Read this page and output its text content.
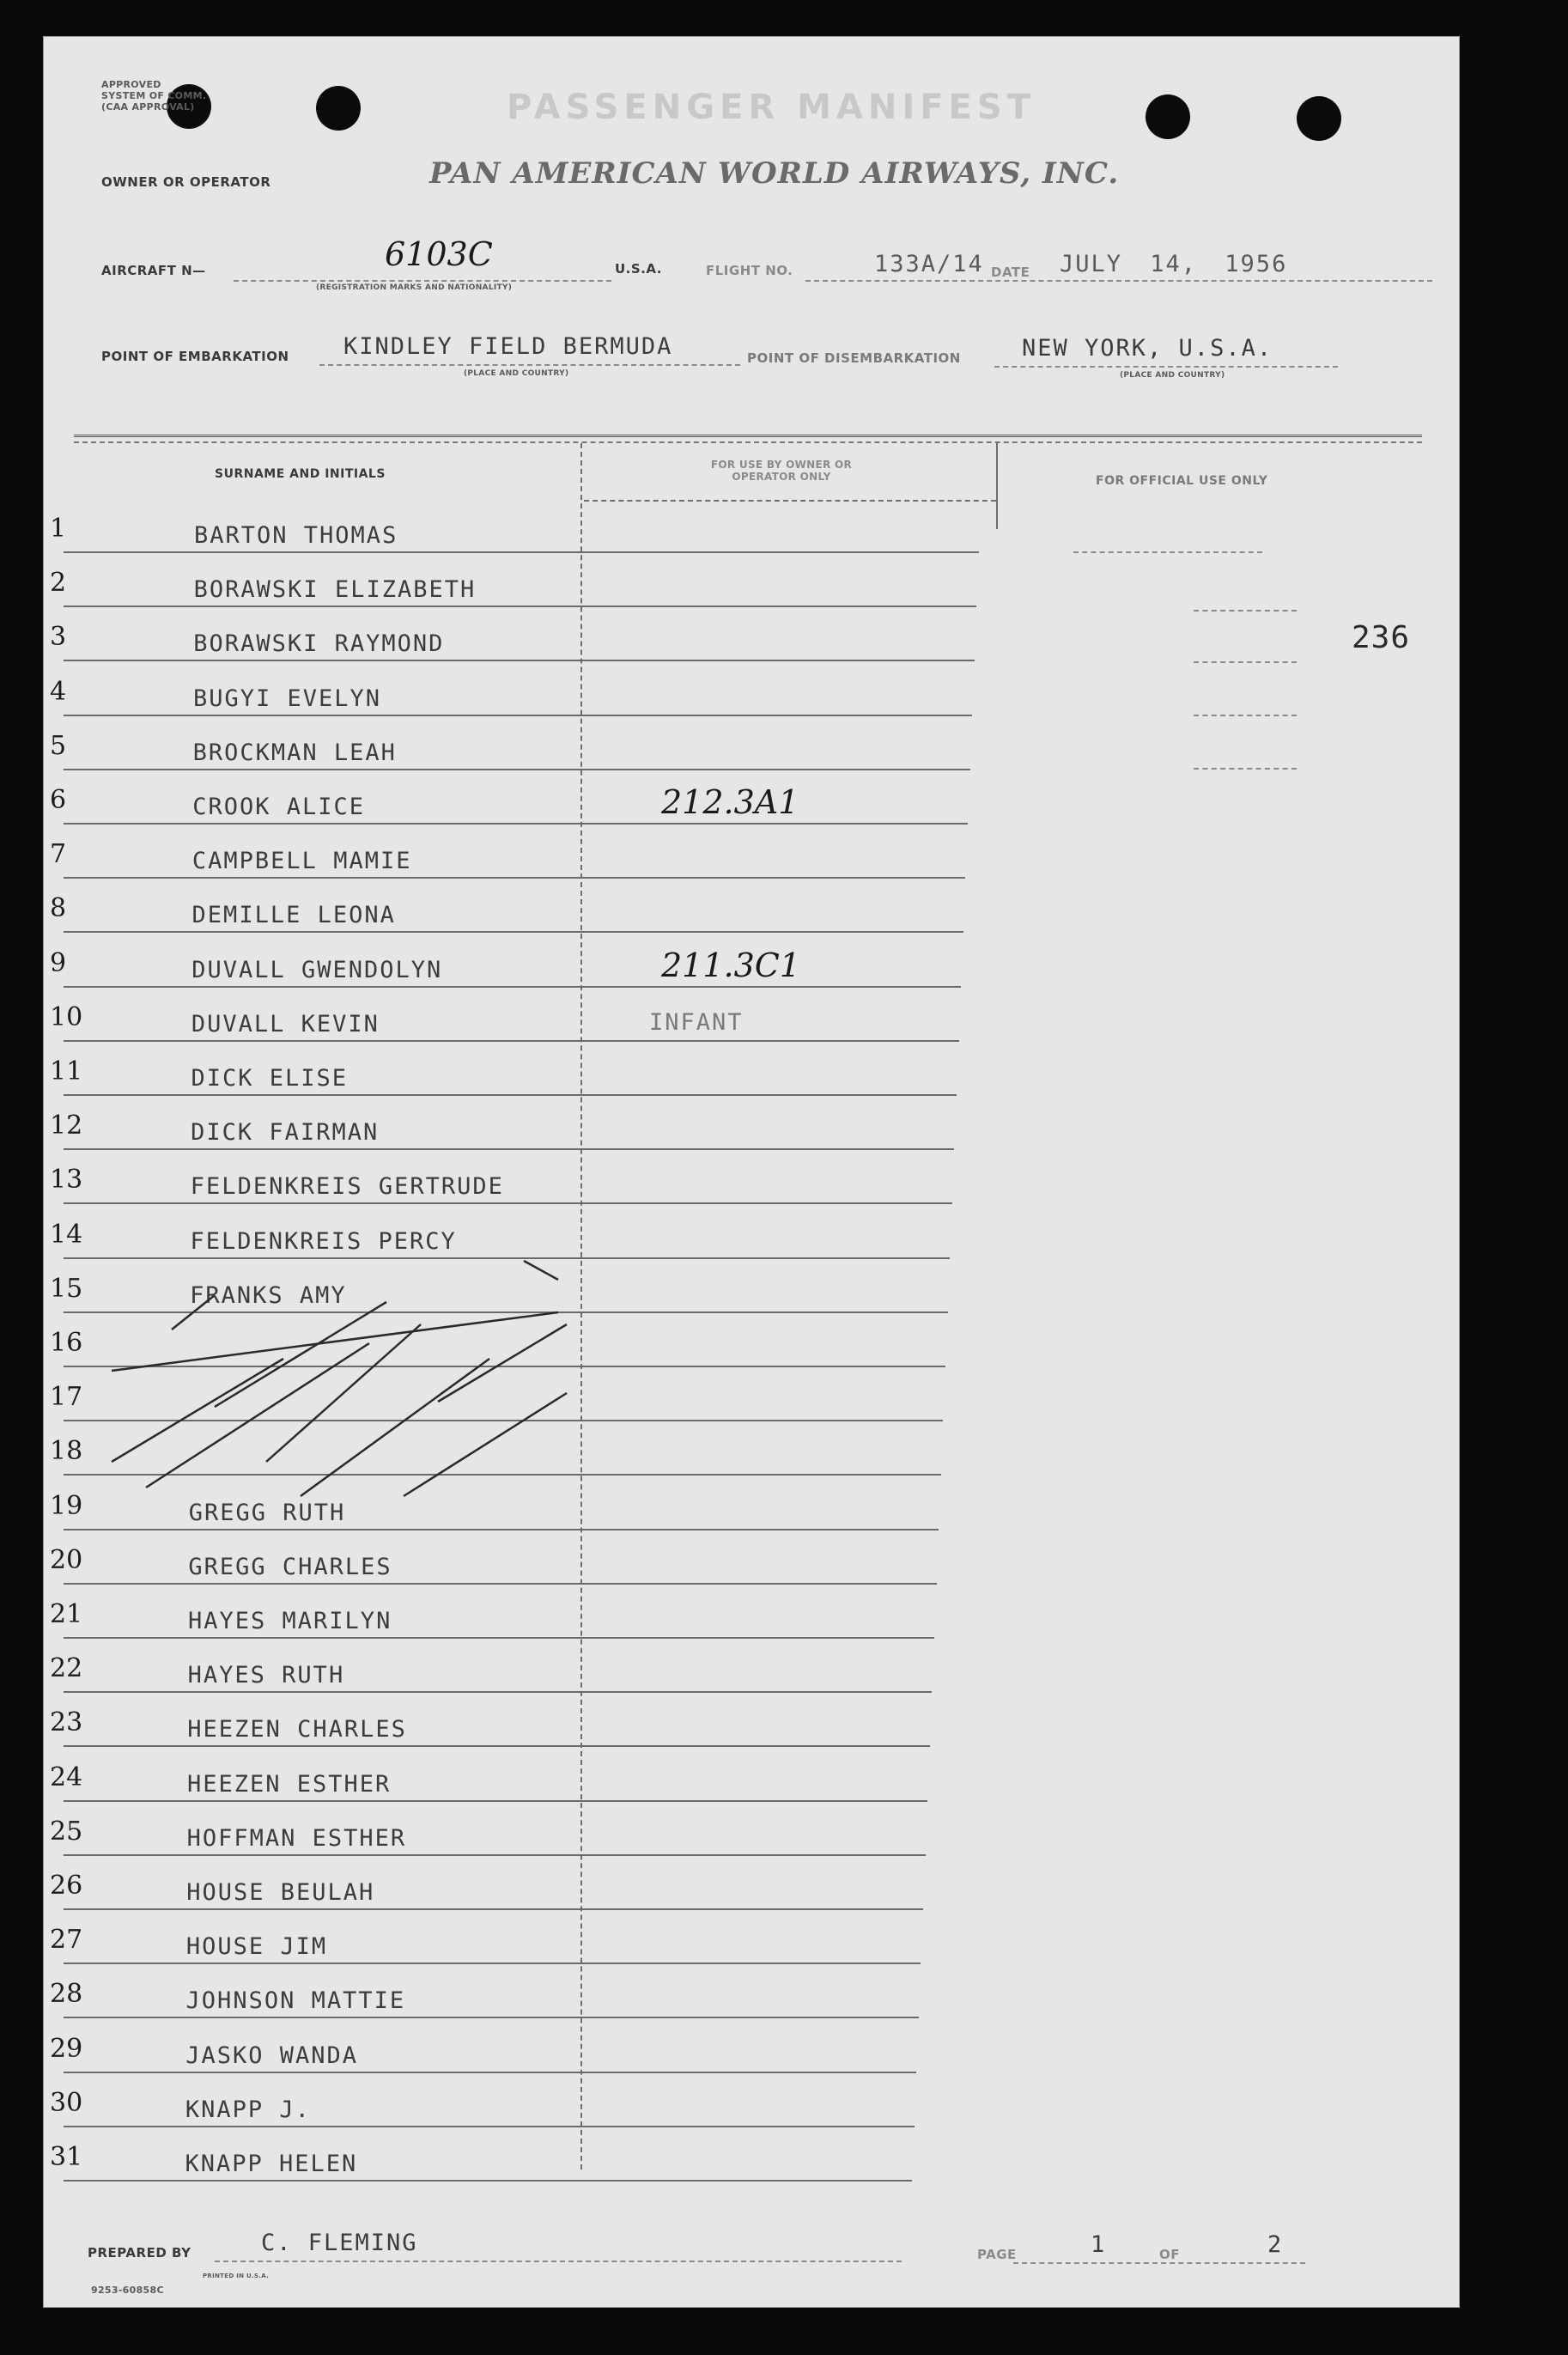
APPROVED
SYSTEM OF COMM.
(CAA APPROVAL)	PASSENGER MANIFEST
OWNER OR OPERATOR	PAN AMERICAN WORLD AIRWAYS, INC.
AIRCRAFT N—	6103C
(REGISTRATION MARKS AND NATIONALITY)
U.S.A.	FLIGHT NO.	133A/14 DATE JULY 14, 1956
POINT OF EMBARKATION KINDLEY FIELD BERMUDA
(PLACE AND COUNTRY)
POINT OF DISEMBARKATION	NEW YORK, U.S.A.
(PLACE AND COUNTRY)
SURNAME AND INITIALS
FOR USE BY OWNER OR OPERATOR ONLY	FOR OFFICIAL USE ONLY
236
1	BARTON THOMAS
2	BORAWSKI ELIZABETH
3	BORAWSKI RAYMOND
4	BUGYI EVELYN
5	BROCKMAN LEAH
6	CROOK ALICE	212.3A1
7	CAMPBELL MAMIE
8	DEMILLE LEONA
9	DUVALL GWENDOLYN	211.3C1
10	DUVALL KEVIN	INFANT
11	DICK ELISE
12	DICK FAIRMAN
13	FELDENKREIS GERTRUDE
14	FELDENKREIS PERCY
15	FRANKS AMY
16
17
18
19	GREGG RUTH
20	GREGG CHARLES
21	HAYES MARILYN
22	HAYES RUTH
23	HEEZEN CHARLES
24	HEEZEN ESTHER
25	HOFFMAN ESTHER
26	HOUSE BEULAH
27	HOUSE JIM
28	JOHNSON MATTIE
29	JASKO WANDA
30	KNAPP J.
31	KNAPP HELEN
PREPARED BY	C. FLEMING	PAGE	1	OF	2
9253-60858C
PRINTED IN U.S.A.
